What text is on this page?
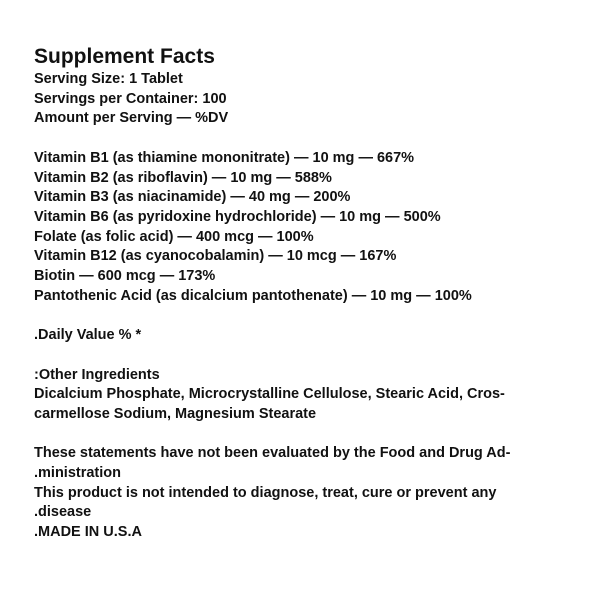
Supplement Facts
Serving Size: 1 Tablet
Servings per Container: 100
Amount per Serving — %DV
Vitamin B1 (as thiamine mononitrate) — 10 mg — 667%
Vitamin B2 (as riboflavin) — 10 mg — 588%
Vitamin B3 (as niacinamide) — 40 mg — 200%
Vitamin B6 (as pyridoxine hydrochloride) — 10 mg — 500%
Folate (as folic acid) — 400 mcg — 100%
Vitamin B12 (as cyanocobalamin) — 10 mcg — 167%
Biotin — 600 mcg — 173%
Pantothenic Acid (as dicalcium pantothenate) — 10 mg — 100%
.Daily Value % *
:Other Ingredients
Dicalcium Phosphate, Microcrystalline Cellulose, Stearic Acid, Cros-
carmellose Sodium, Magnesium Stearate
These statements have not been evaluated by the Food and Drug Ad-
.ministration
This product is not intended to diagnose, treat, cure or prevent any
.disease
.MADE IN U.S.A
